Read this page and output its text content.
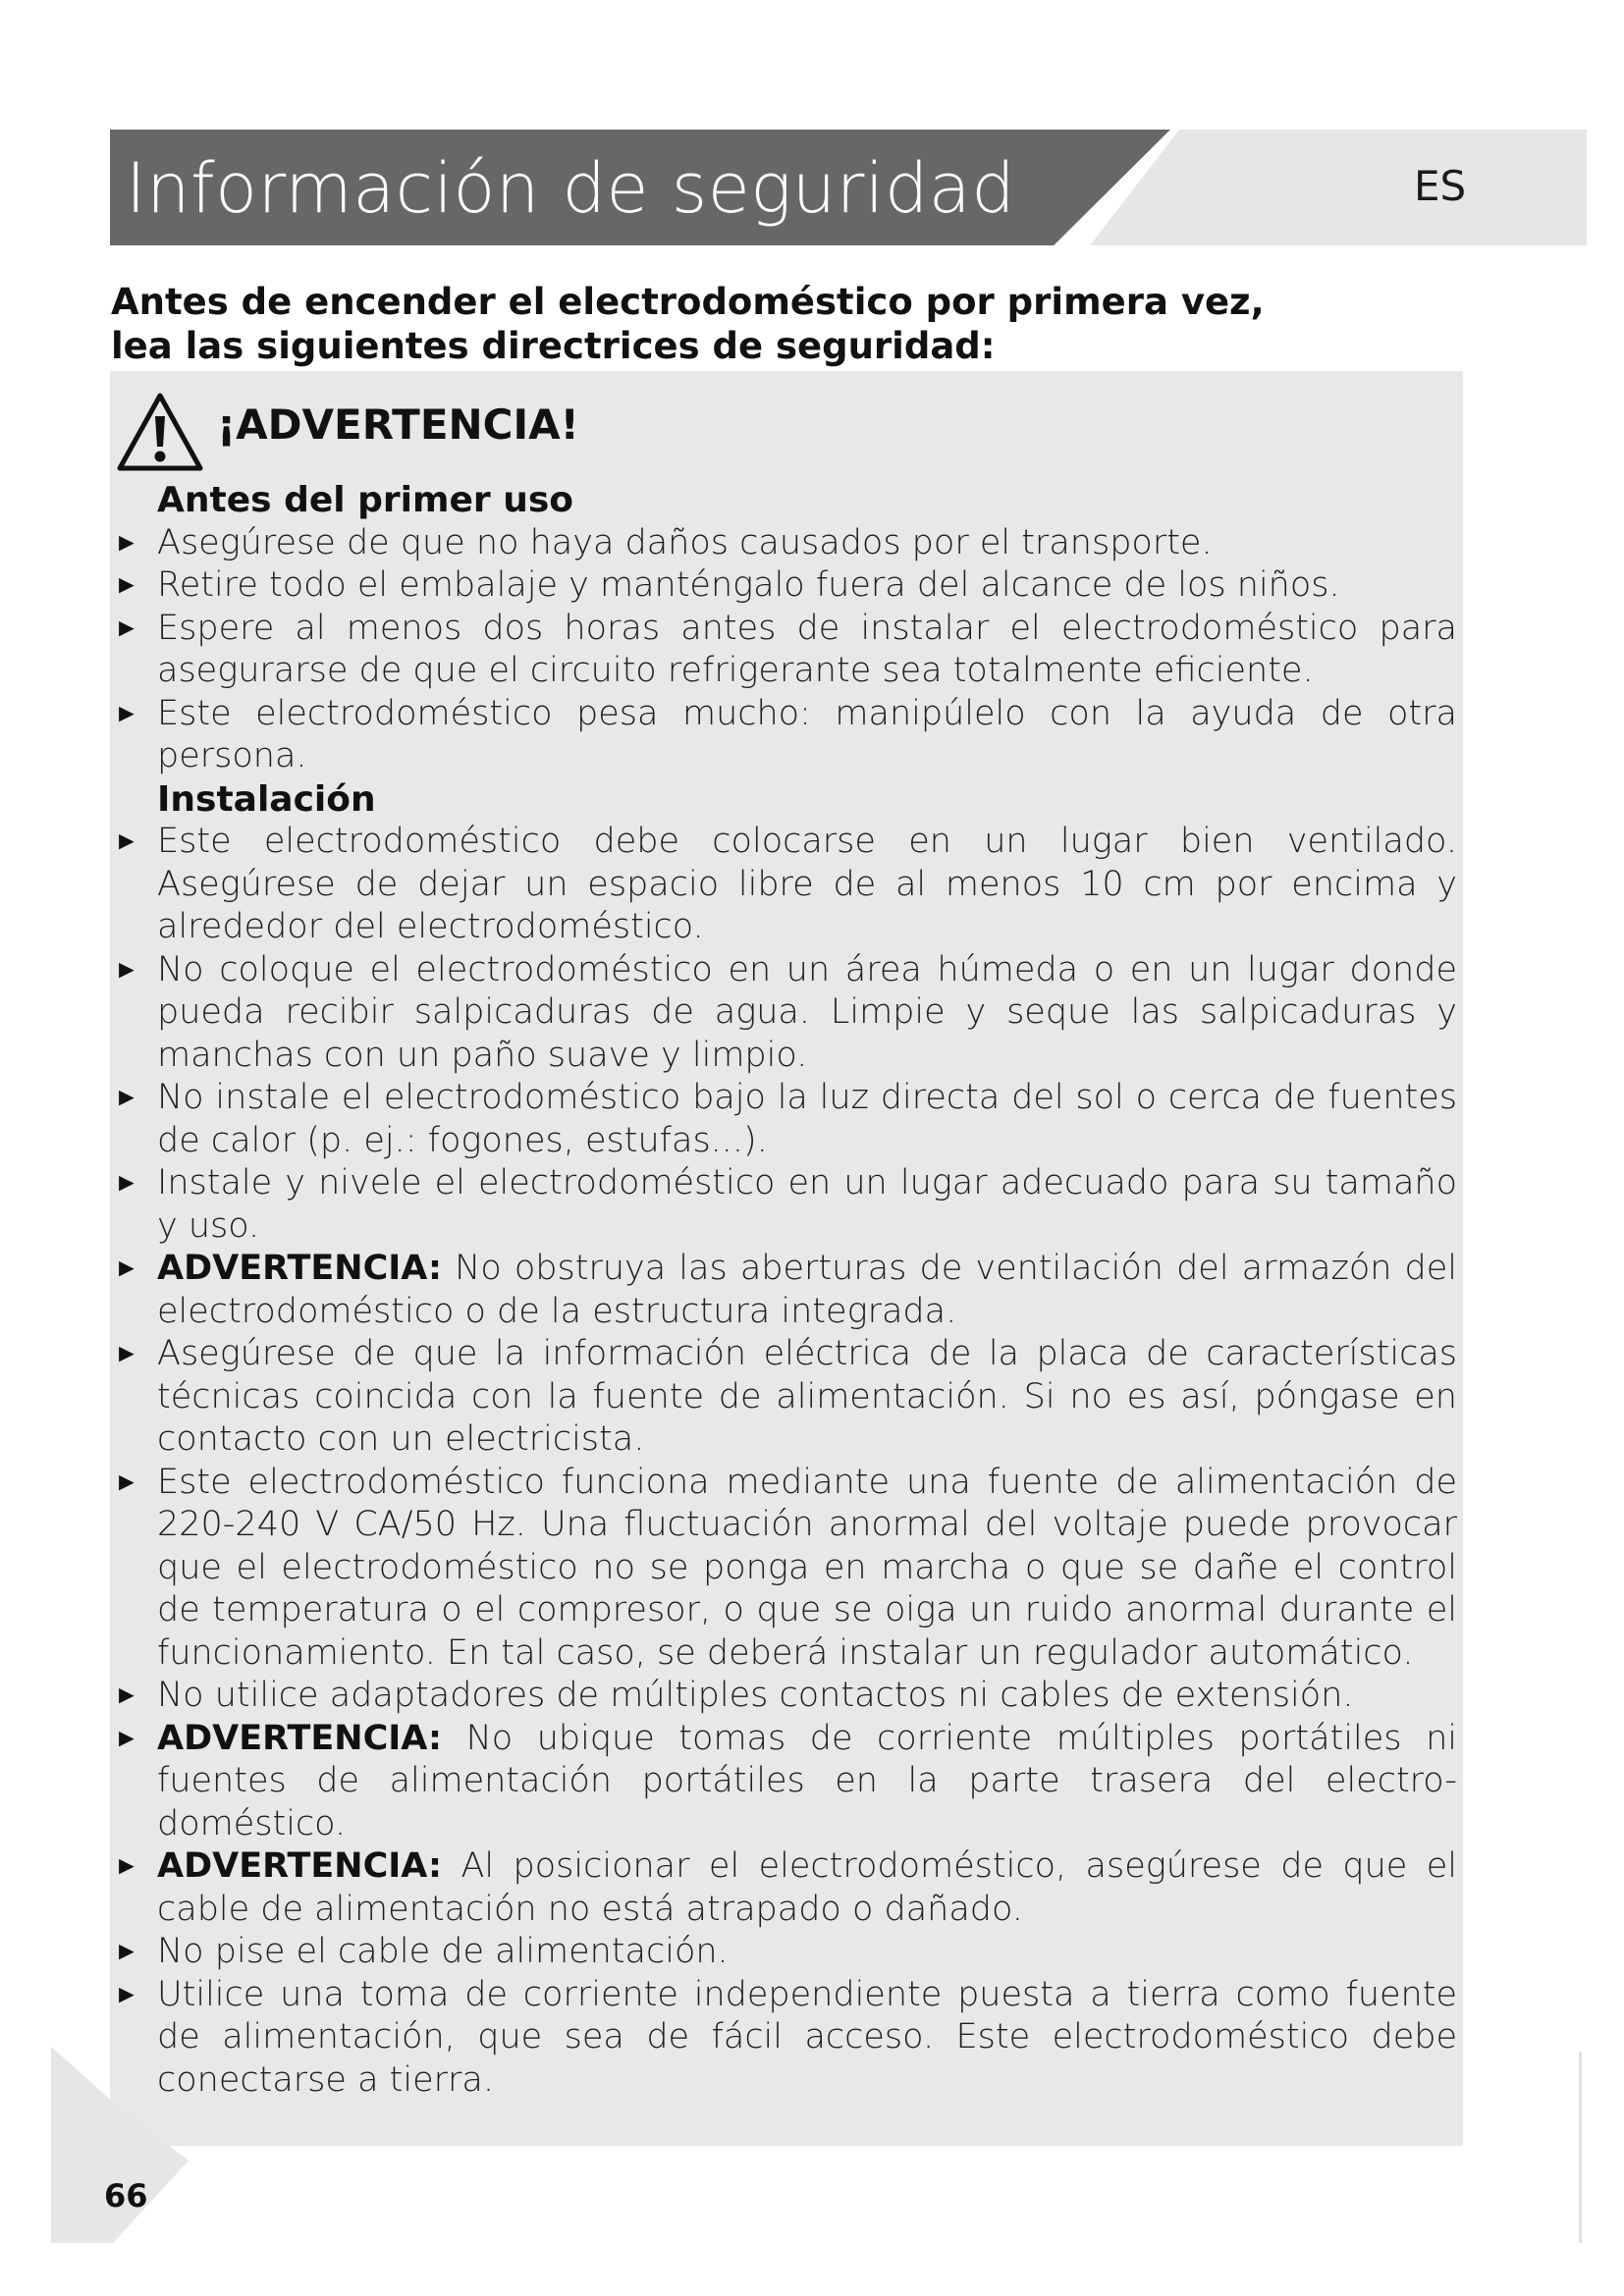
Información de seguridad	ES
Antes de encender el electrodoméstico por primera vez,
lea las siguientes directrices de seguridad:
¡ADVERTENCIA!
Antes del primer uso
► Asegúrese de que no haya daños causados por el transporte.
► Retire todo el embalaje y manténgalo fuera del alcance de los niños.
► Espere al menos dos horas antes de instalar el electrodoméstico para asegurarse de que el circuito refrigerante sea totalmente eficiente.
► Este electrodoméstico pesa mucho: manipúlelo con la ayuda de otra persona.
Instalación
► Este electrodoméstico debe colocarse en un lugar bien ventilado. Asegúrese de dejar un espacio libre de al menos 10 cm por encima y alrededor del electrodoméstico.
► No coloque el electrodoméstico en un área húmeda o en un lugar donde pueda recibir salpicaduras de agua. Limpie y seque las salpicaduras y manchas con un paño suave y limpio.
► No instale el electrodoméstico bajo la luz directa del sol o cerca de fuentes de calor (p. ej.: fogones, estufas...).
► Instale y nivele el electrodoméstico en un lugar adecuado para su tamaño y uso.
► ADVERTENCIA: No obstruya las aberturas de ventilación del armazón del electrodoméstico o de la estructura integrada.
► Asegúrese de que la información eléctrica de la placa de características técnicas coincida con la fuente de alimentación. Si no es así, póngase en contacto con un electricista.
► Este electrodoméstico funciona mediante una fuente de alimentación de 220-240 V CA/50 Hz. Una fluctuación anormal del voltaje puede provocar que el electrodoméstico no se ponga en marcha o que se dañe el control de temperatura o el compresor, o que se oiga un ruido anormal durante el funcionamiento. En tal caso, se deberá instalar un regulador automático.
► No utilice adaptadores de múltiples contactos ni cables de extensión.
► ADVERTENCIA: No ubique tomas de corriente múltiples portátiles ni fuentes de alimentación portátiles en la parte trasera del electro-doméstico.
► ADVERTENCIA: Al posicionar el electrodoméstico, asegúrese de que el cable de alimentación no está atrapado o dañado.
► No pise el cable de alimentación.
► Utilice una toma de corriente independiente puesta a tierra como fuente de alimentación, que sea de fácil acceso. Este electrodoméstico debe conectarse a tierra.
66
